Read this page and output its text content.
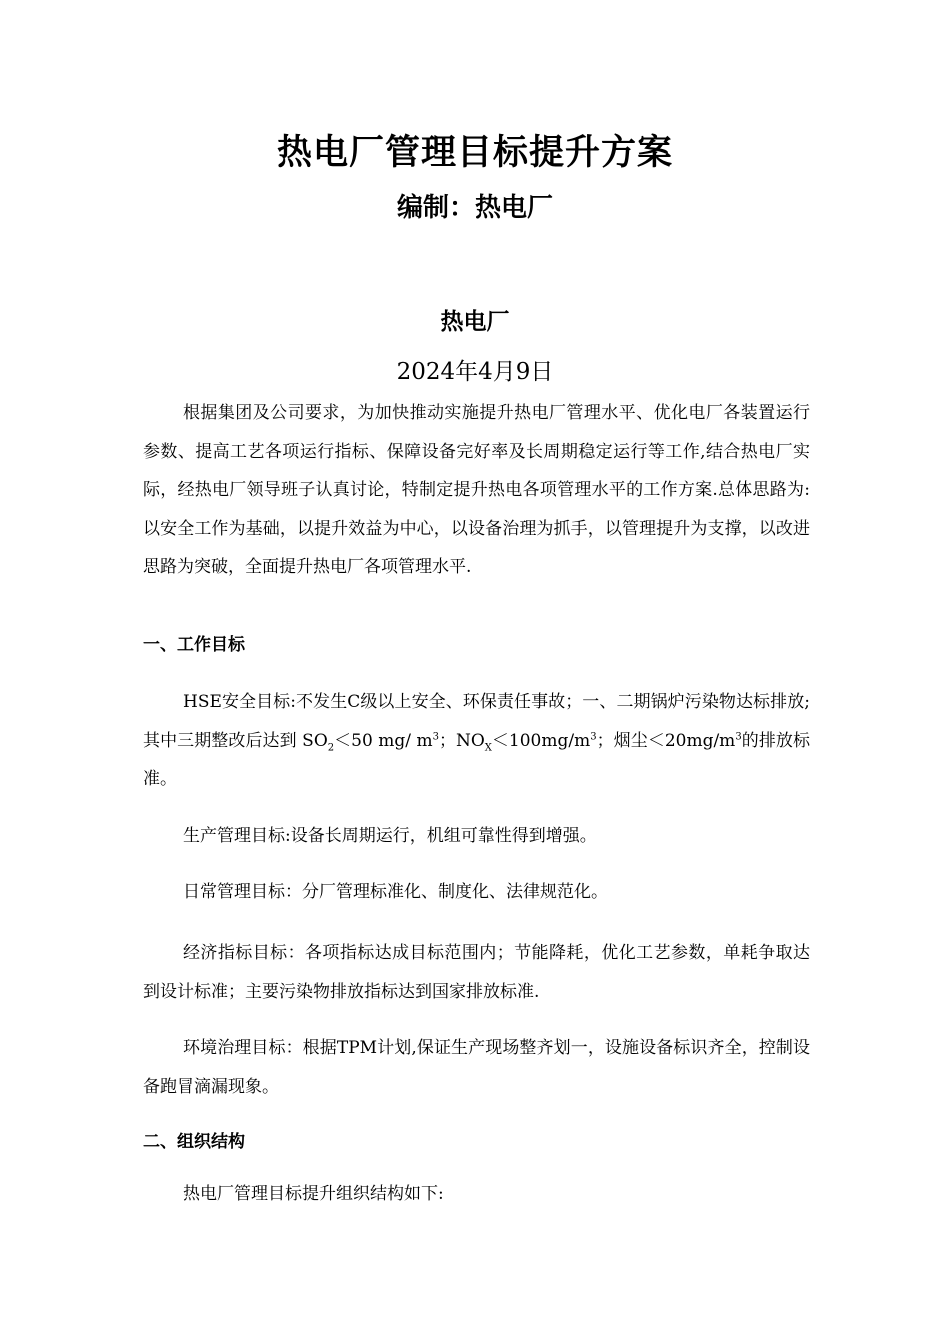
热电厂管理目标提升方案
编制：热电厂
热电厂
2024年4月9日

根据集团及公司要求，为加快推动实施提升热电厂管理水平、优化电厂各装置运行参数、提高工艺各项运行指标、保障设备完好率及长周期稳定运行等工作,结合热电厂实际，经热电厂领导班子认真讨论，特制定提升热电各项管理水平的工作方案.总体思路为:以安全工作为基础，以提升效益为中心，以设备治理为抓手，以管理提升为支撑，以改进思路为突破，全面提升热电厂各项管理水平.

一、工作目标

HSE安全目标:不发生C级以上安全、环保责任事故；一、二期锅炉污染物达标排放;其中三期整改后达到 $SO_2<50$ mg/ $m^3$；$NO_X<100mg/m^3$；烟尘$<20mg/m^3$的排放标准。

生产管理目标:设备长周期运行，机组可靠性得到增强。

日常管理目标：分厂管理标准化、制度化、法律规范化。

经济指标目标：各项指标达成目标范围内；节能降耗，优化工艺参数，单耗争取达到设计标准；主要污染物排放指标达到国家排放标准.

环境治理目标：根据TPM计划,保证生产现场整齐划一，设施设备标识齐全，控制设备跑冒滴漏现象。

二、组织结构

热电厂管理目标提升组织结构如下:
